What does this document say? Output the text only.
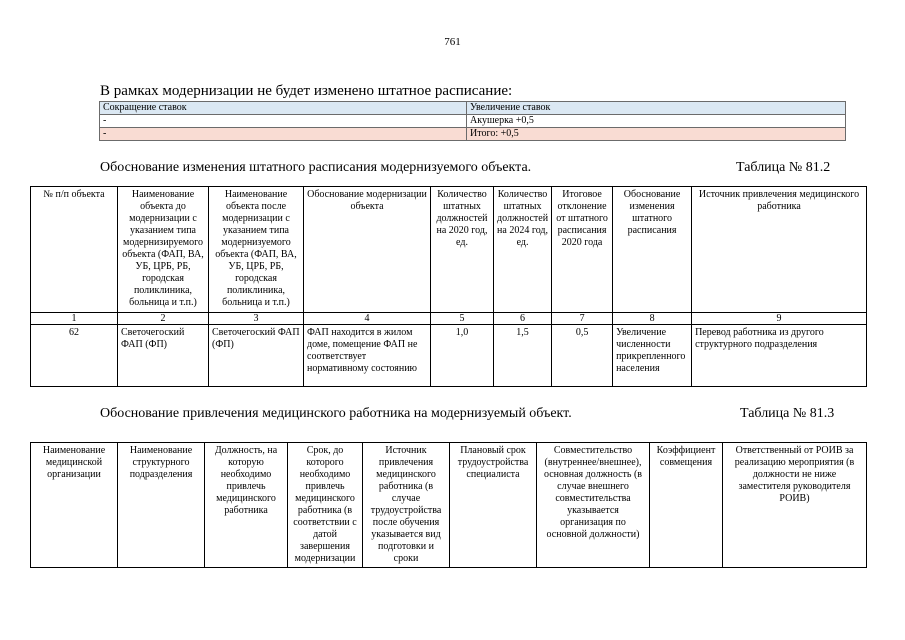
761
В рамках модернизации не будет изменено штатное расписание:
Сокращение ставок	Увеличение ставок
-	Акушерка +0,5
-	Итого: +0,5
Обоснование изменения штатного расписания модернизуемого объекта.	Таблица № 81.2
№ п/п объекта	Наименование объекта до модернизации с указанием типа модернизируемого объекта (ФАП, ВА, УБ, ЦРБ, РБ, городская поликлиника, больница и т.п.)	Наименование объекта после модернизации с указанием типа модернизуемого объекта (ФАП, ВА, УБ, ЦРБ, РБ, городская поликлиника, больница и т.п.)	Обоснование модернизации объекта	Количество штатных должностей на 2020 год, ед.	Количество штатных должностей на 2024 год, ед.	Итоговое отклонение от штатного расписания 2020 года	Обоснование изменения штатного расписания	Источник привлечения медицинского работника
1	2	3	4	5	6	7	8	9
62	Светочегоский ФАП (ФП)	Светочегоский ФАП (ФП)	ФАП находится в жилом доме, помещение ФАП не соответствует нормативному состоянию	1,0	1,5	0,5	Увеличение численности прикрепленного населения	Перевод работника из другого структурного подразделения
Обоснование привлечения медицинского работника на модернизуемый объект.	Таблица № 81.3
Наименование медицинской организации	Наименование структурного подразделения	Должность, на которую необходимо привлечь медицинского работника	Срок, до которого необходимо привлечь медицинского работника (в соответствии с датой завершения модернизации	Источник привлечения медицинского работника (в случае трудоустройства после обучения указывается вид подготовки и сроки	Плановый срок трудоустройства специалиста	Совместительство (внутреннее/внешнее), основная должность (в случае внешнего совместительства указывается организация по основной должности)	Коэффициент совмещения	Ответственный от РОИВ за реализацию мероприятия (в должности не ниже заместителя руководителя РОИВ)
